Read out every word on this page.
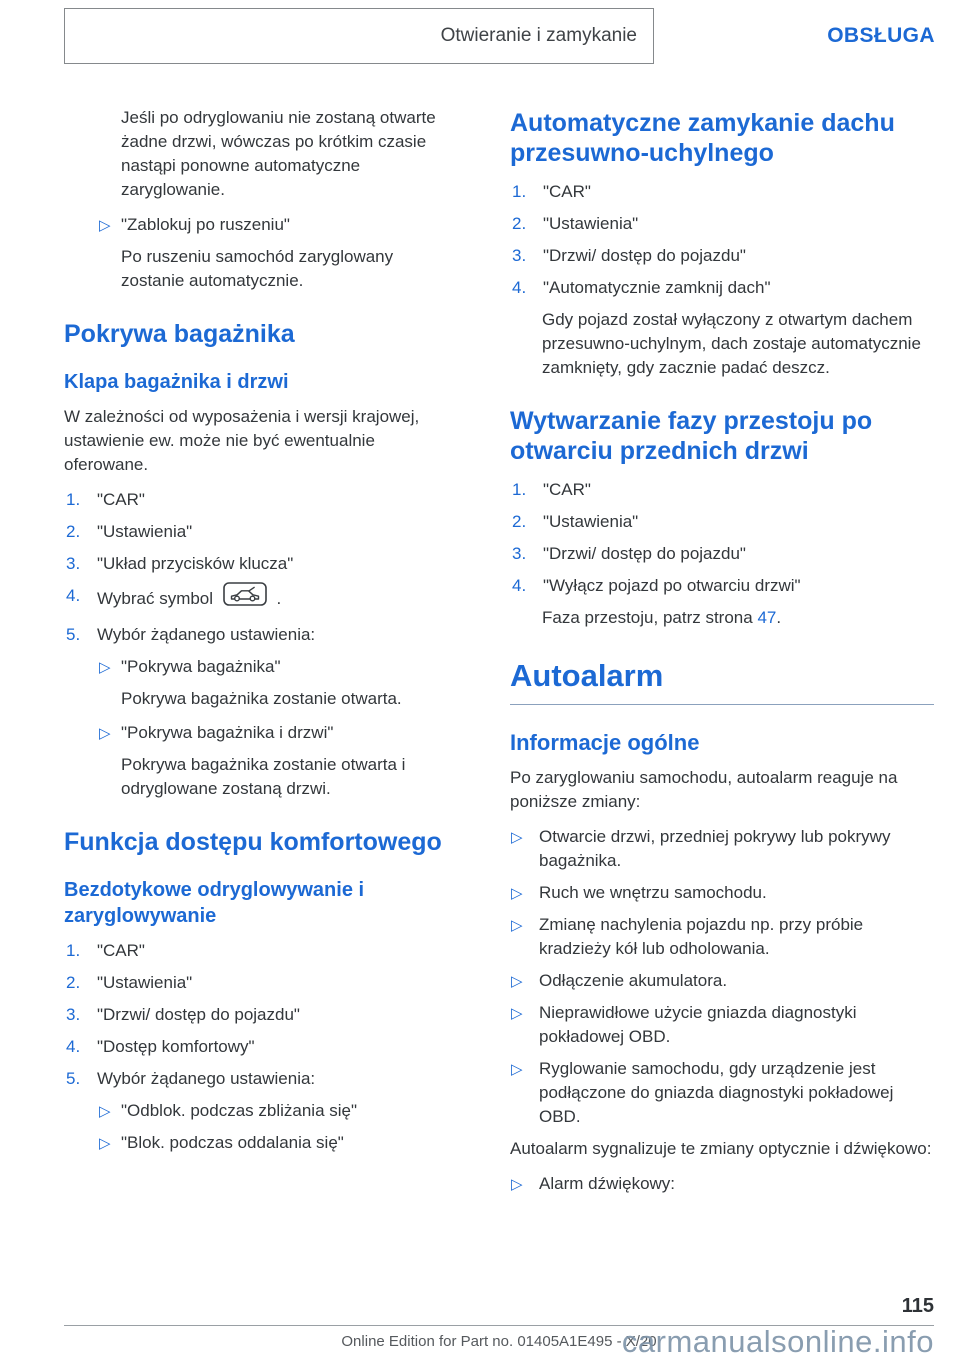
Otwieranie i zamykanie	OBSŁUGA

Jeśli po odryglowaniu nie zostaną otwarte żadne drzwi, wówczas po krótkim czasie nastąpi ponowne automatyczne zaryglowanie.

▷ "Zablokuj po ruszeniu"

Po ruszeniu samochód zaryglowany zostanie automatycznie.

Pokrywa bagażnika
Klapa bagażnika i drzwi

W zależności od wyposażenia i wersji krajowej, ustawienie ew. może nie być ewentualnie oferowane.

1. "CAR"
2. "Ustawienia"
3. "Układ przycisków klucza"
4. Wybrać symbol	.
5. Wybór żądanego ustawienia:
▷ "Pokrywa bagażnika"

Pokrywa bagażnika zostanie otwarta.

▷ "Pokrywa bagażnika i drzwi"

Pokrywa bagażnika zostanie otwarta i odryglowane zostaną drzwi.

Funkcja dostępu komfortowego
Bezdotykowe odryglowywanie i zaryglowywanie
1. "CAR"
2. "Ustawienia"
3. "Drzwi/ dostęp do pojazdu"
4. "Dostęp komfortowy"
5. Wybór żądanego ustawienia:
▷ "Odblok. podczas zbliżania się"
▷ "Blok. podczas oddalania się"
Automatyczne zamykanie dachu przesuwno-uchylnego
1. "CAR"
2. "Ustawienia"
3. "Drzwi/ dostęp do pojazdu"
4. "Automatycznie zamknij dach"

Gdy pojazd został wyłączony z otwartym dachem przesuwno-uchylnym, dach zostaje automatycznie zamknięty, gdy zacznie padać deszcz.

Wytwarzanie fazy przestoju po otwarciu przednich drzwi
1. "CAR"
2. "Ustawienia"
3. "Drzwi/ dostęp do pojazdu"
4. "Wyłącz pojazd po otwarciu drzwi"

Faza przestoju, patrz strona 47.

Autoalarm
Informacje ogólne

Po zaryglowaniu samochodu, autoalarm reaguje na poniższe zmiany:

▷ Otwarcie drzwi, przedniej pokrywy lub pokrywy bagażnika.
▷ Ruch we wnętrzu samochodu.
▷ Zmianę nachylenia pojazdu np. przy próbie kradzieży kół lub odholowania.
▷ Odłączenie akumulatora.
▷ Nieprawidłowe użycie gniazda diagnostyki pokładowej OBD.
▷ Ryglowanie samochodu, gdy urządzenie jest podłączone do gniazda diagnostyki pokładowej OBD.

Autoalarm sygnalizuje te zmiany optycznie i dźwiękowo:

▷ Alarm dźwiękowy:
115
Online Edition for Part no. 01405A1E495 - X/20
carmanualsonline.info
